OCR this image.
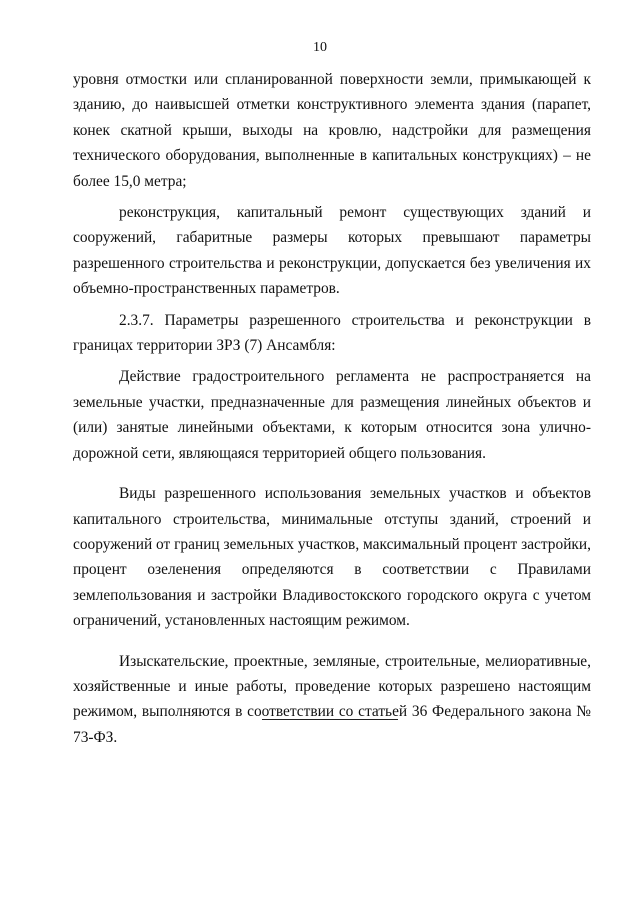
10

уровня отмостки или спланированной поверхности земли, примыкающей к зданию, до наивысшей отметки конструктивного элемента здания (парапет, конек скатной крыши, выходы на кровлю, надстройки для размещения технического оборудования, выполненные в капитальных конструкциях) – не более 15,0 метра;

реконструкция, капитальный ремонт существующих зданий и сооружений, габаритные размеры которых превышают параметры разрешенного строительства и реконструкции, допускается без увеличения их объемно-пространственных параметров.

2.3.7. Параметры разрешенного строительства и реконструкции в границах территории ЗРЗ (7) Ансамбля:

Действие градостроительного регламента не распространяется на земельные участки, предназначенные для размещения линейных объектов и (или) занятые линейными объектами, к которым относится зона улично-дорожной сети, являющаяся территорией общего пользования.

Виды разрешенного использования земельных участков и объектов капитального строительства, минимальные отступы зданий, строений и сооружений от границ земельных участков, максимальный процент застройки, процент озеленения определяются в соответствии с Правилами землепользования и застройки Владивостокского городского округа с учетом ограничений, установленных настоящим режимом.

Изыскательские, проектные, земляные, строительные, мелиоративные, хозяйственные и иные работы, проведение которых разрешено настоящим режимом, выполняются в соответствии со статьей 36 Федерального закона № 73-ФЗ.
